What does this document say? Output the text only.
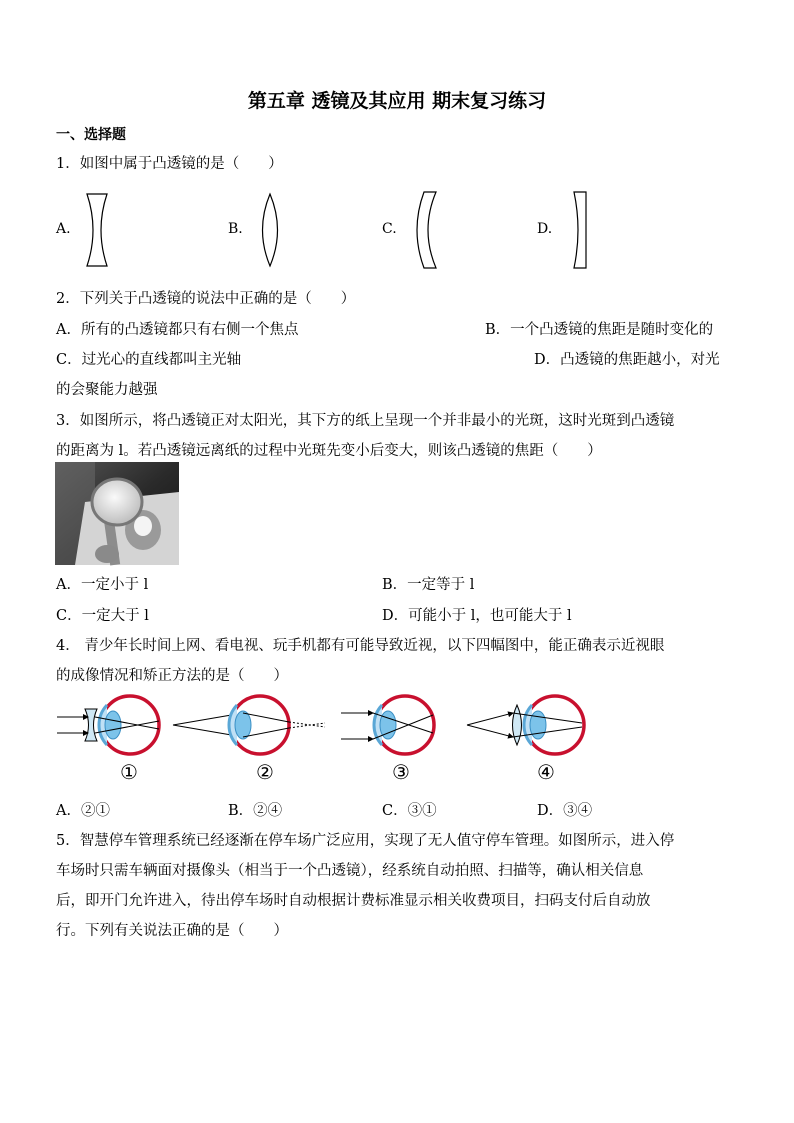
第五章 透镜及其应用 期末复习练习
一、选择题
1．如图中属于凸透镜的是（　　）
A.	B.	C.	D.
2．下列关于凸透镜的说法中正确的是（　　）
A．所有的凸透镜都只有右侧一个焦点	B．一个凸透镜的焦距是随时变化的
C．过光心的直线都叫主光轴	D．凸透镜的焦距越小，对光
的会聚能力越强
3．如图所示，将凸透镜正对太阳光，其下方的纸上呈现一个并非最小的光斑，这时光斑到凸透镜
的距离为 l。若凸透镜远离纸的过程中光斑先变小后变大，则该凸透镜的焦距（　　）
A．一定小于 l	B．一定等于 l
C．一定大于 l	D．可能小于 l，也可能大于 l
4． 青少年长时间上网、看电视、玩手机都有可能导致近视，以下四幅图中，能正确表示近视眼
的成像情况和矫正方法的是（　　）
①	②	③	④
A．②①	B．②④	C．③①	D．③④
5．智慧停车管理系统已经逐渐在停车场广泛应用，实现了无人值守停车管理。如图所示，进入停
车场时只需车辆面对摄像头（相当于一个凸透镜），经系统自动拍照、扫描等，确认相关信息
后，即开门允许进入，待出停车场时自动根据计费标准显示相关收费项目，扫码支付后自动放
行。下列有关说法正确的是（　　）
